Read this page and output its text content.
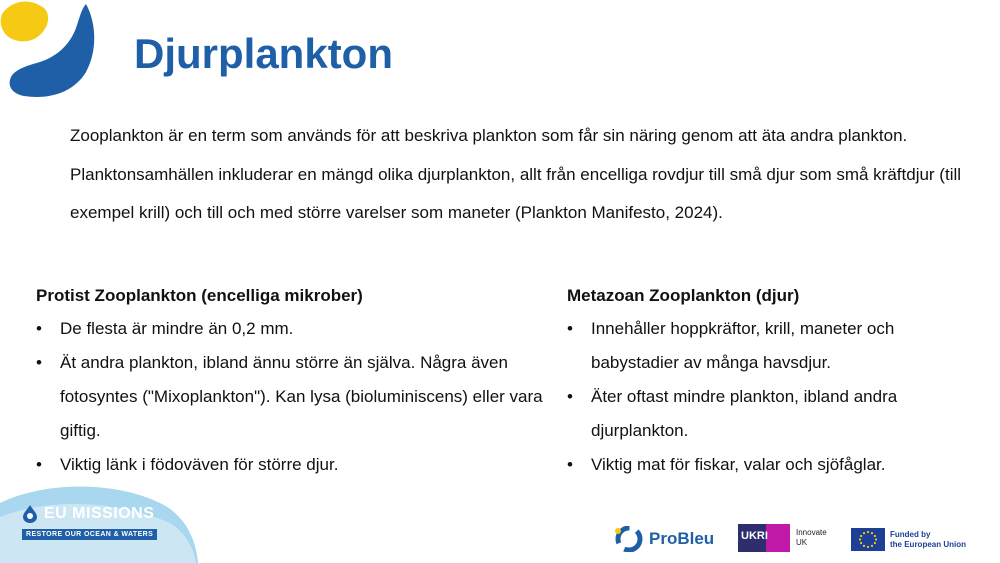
Djurplankton

Zooplankton är en term som används för att beskriva plankton som får sin näring genom att äta andra plankton.

Planktonsamhällen inkluderar en mängd olika djurplankton, allt från encelliga rovdjur till små djur som små kräftdjur (till exempel krill) och till och med större varelser som maneter (Plankton Manifesto, 2024).

Protist Zooplankton (encelliga mikrober)
• De flesta är mindre än 0,2 mm.
• Ät andra plankton, ibland ännu större än själva. Några även fotosyntes ("Mixoplankton"). Kan lysa (bioluminiscens) eller vara giftig.
• Viktig länk i födoväven för större djur.
Metazoan Zooplankton (djur)
• Innehåller hoppkräftor, krill, maneter och babystadier av många havsdjur.
• Äter oftast mindre plankton, ibland andra djurplankton.
• Viktig mat för fiskar, valar och sjöfåglar.
EU MISSIONS
RESTORE OUR OCEAN & WATERS	ProBleu UKRI	Innovate
UK
Funded by
the European Union
